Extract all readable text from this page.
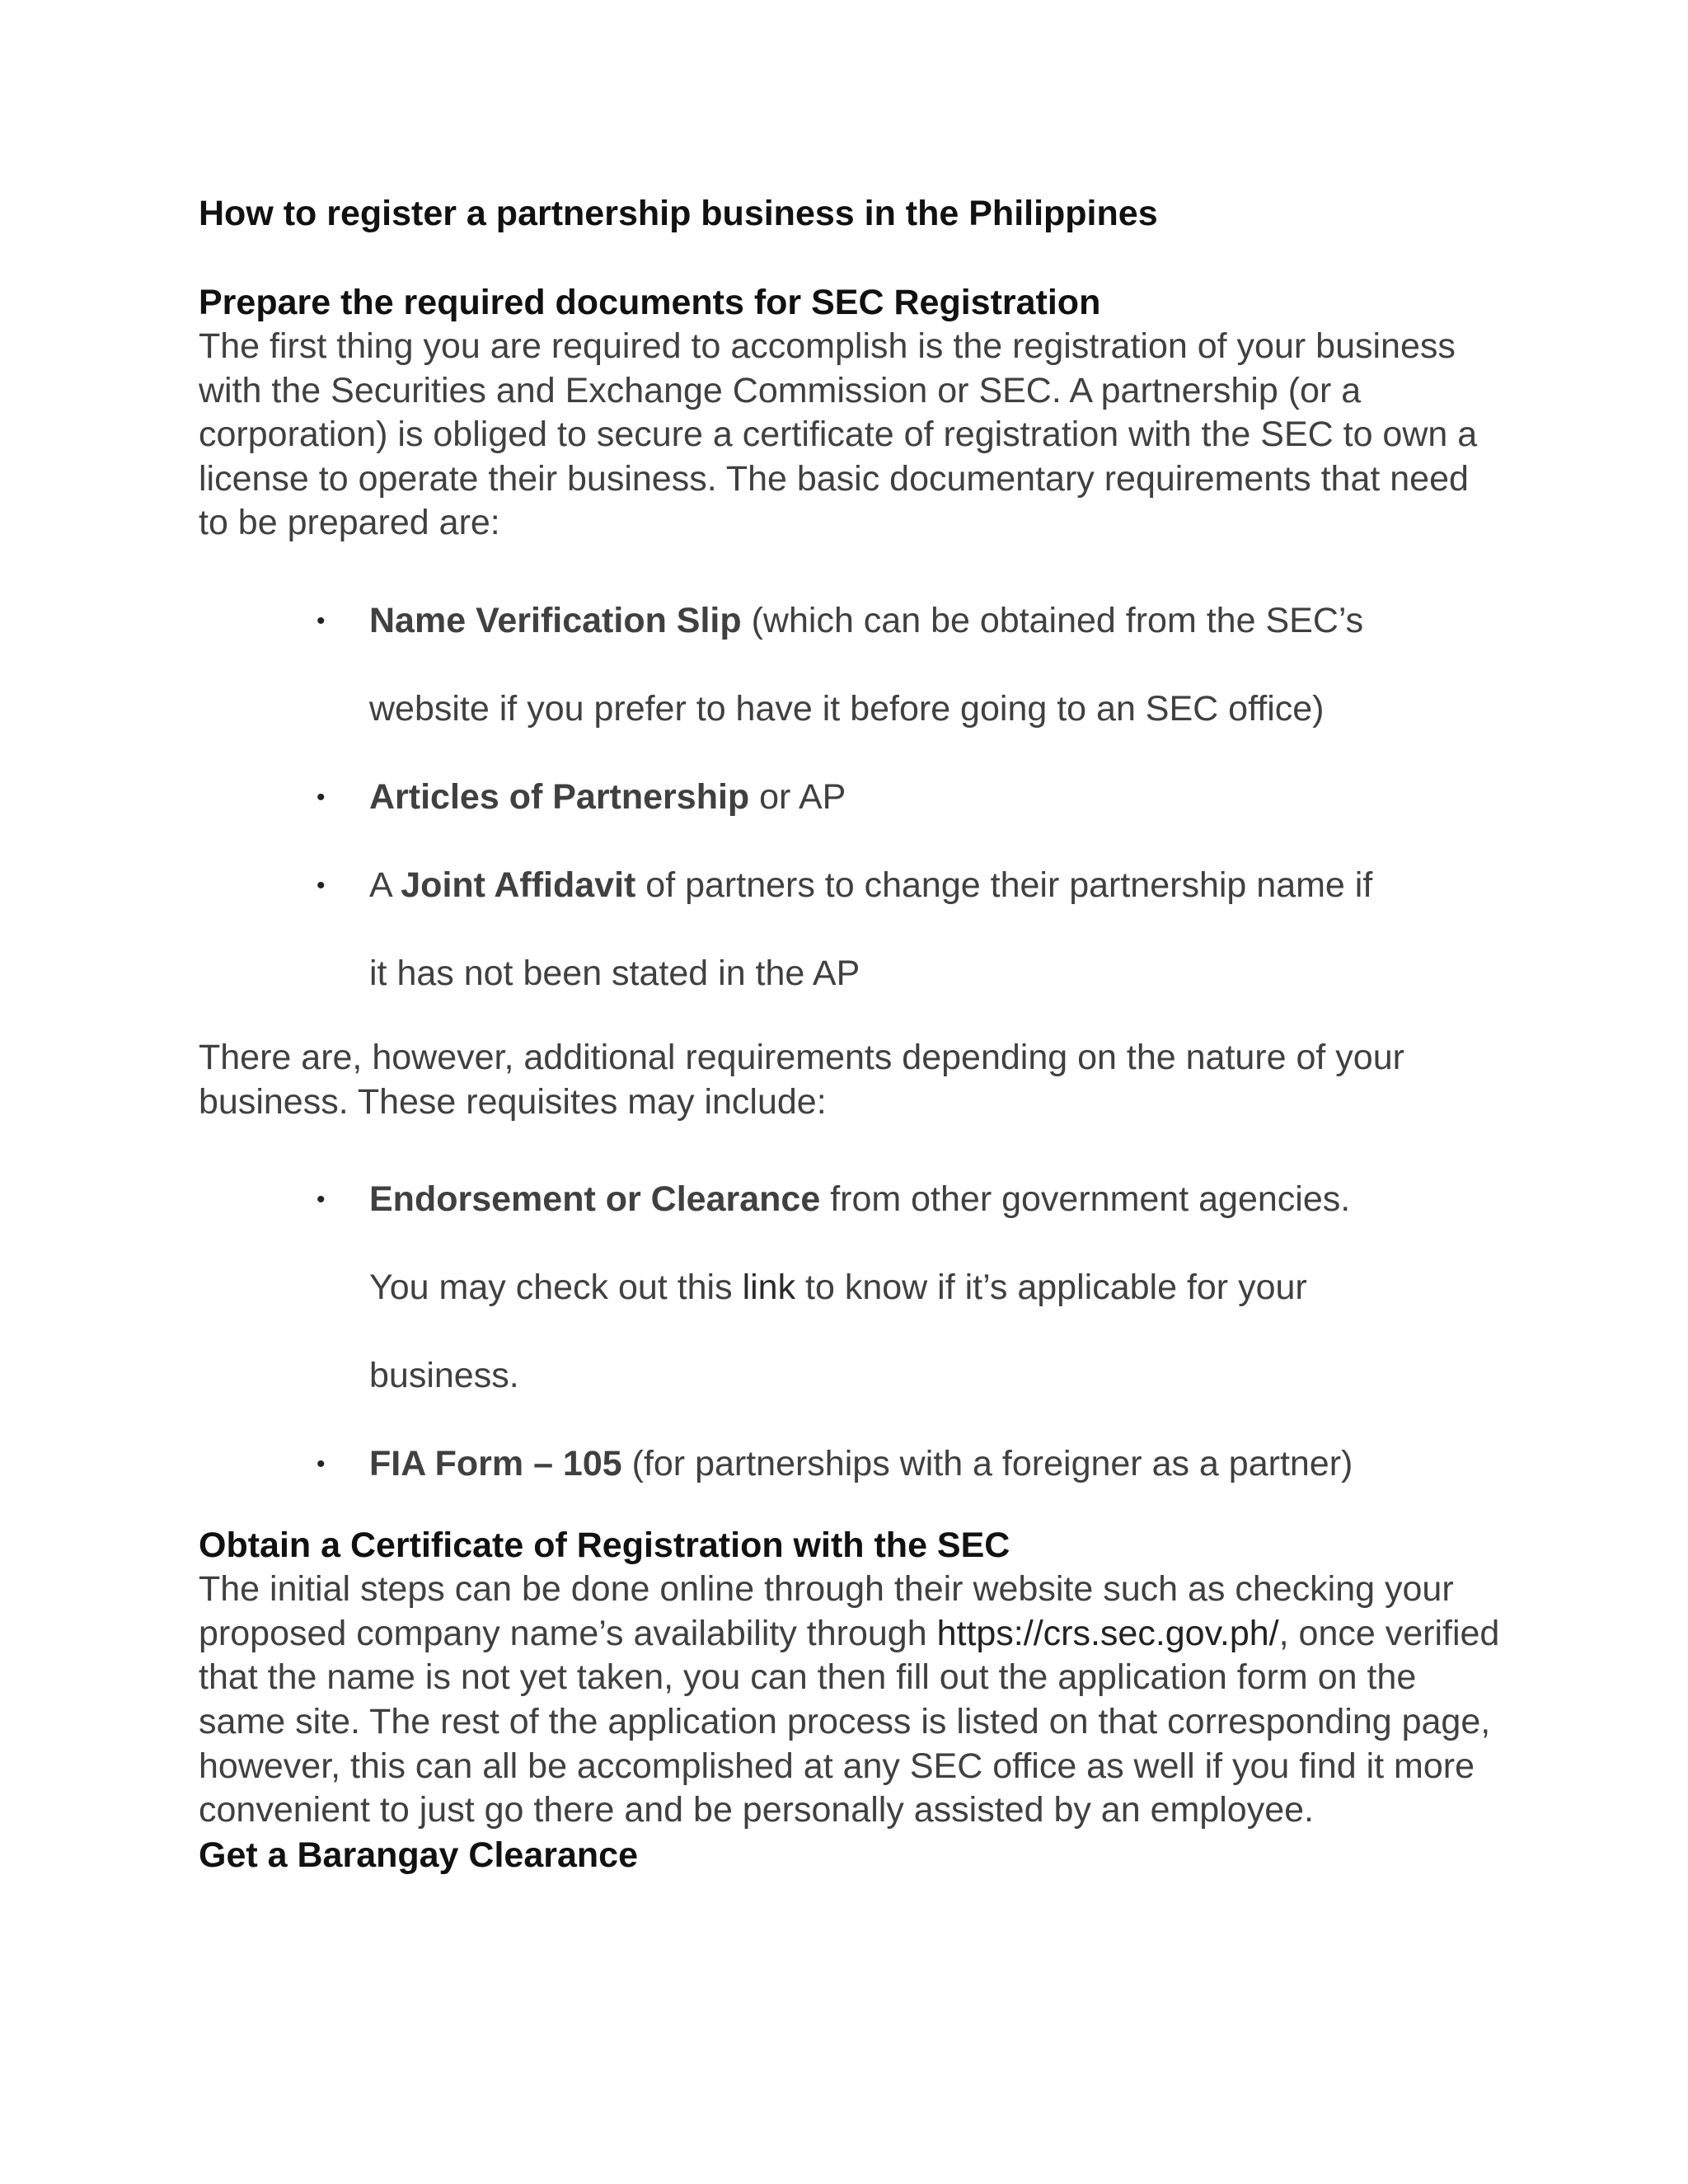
How to register a partnership business in the Philippines
Prepare the required documents for SEC Registration

The first thing you are required to accomplish is the registration of your business with the Securities and Exchange Commission or SEC. A partnership (or a corporation) is obliged to secure a certificate of registration with the SEC to own a license to operate their business. The basic documentary requirements that need to be prepared are:

• Name Verification Slip (which can be obtained from the SEC’s
website if you prefer to have it before going to an SEC office)
• Articles of Partnership or AP
• A Joint Affidavit of partners to change their partnership name if
it has not been stated in the AP

There are, however, additional requirements depending on the nature of your business. These requisites may include:

• Endorsement or Clearance from other government agencies.
You may check out this link to know if it’s applicable for your
business.
• FIA Form – 105 (for partnerships with a foreigner as a partner)
Obtain a Certificate of Registration with the SEC

The initial steps can be done online through their website such as checking your proposed company name’s availability through https://crs.sec.gov.ph/, once verified that the name is not yet taken, you can then fill out the application form on the same site. The rest of the application process is listed on that corresponding page, however, this can all be accomplished at any SEC office as well if you find it more convenient to just go there and be personally assisted by an employee.

Get a Barangay Clearance
